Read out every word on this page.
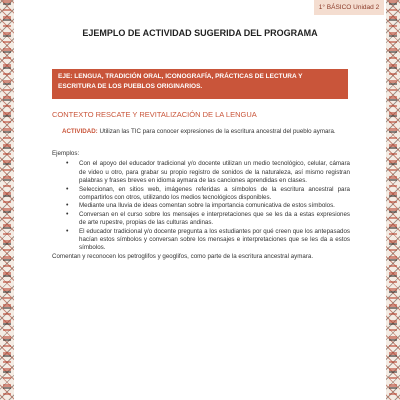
1° BÁSICO Unidad 2
EJEMPLO DE ACTIVIDAD SUGERIDA DEL PROGRAMA
EJE: LENGUA, TRADICIÓN ORAL, ICONOGRAFÍA, PRÁCTICAS DE LECTURA Y ESCRITURA DE LOS PUEBLOS ORIGINARIOS.
CONTEXTO RESCATE Y REVITALIZACIÓN DE LA LENGUA
ACTIVIDAD: Utilizan las TIC para conocer expresiones de la escritura ancestral del pueblo aymara.

Ejemplos:

• Con el apoyo del educador tradicional y/o docente utilizan un medio tecnológico, celular, cámara de video u otro, para grabar su propio registro de sonidos de la naturaleza, así mismo registran palabras y frases breves en idioma aymara de las canciones aprendidas en clases.
• Seleccionan, en sitios web, imágenes referidas a símbolos de la escritura ancestral para compartirlos con otros, utilizando los medios tecnológicos disponibles.
• Mediante una lluvia de ideas comentan sobre la importancia comunicativa de estos símbolos.
• Conversan en el curso sobre los mensajes e interpretaciones que se les da a estas expresiones de arte rupestre, propias de las culturas andinas.
• El educador tradicional y/o docente pregunta a los estudiantes por qué creen que los antepasados hacían estos símbolos y conversan sobre los mensajes e interpretaciones que se les da a estos símbolos.

Comentan y reconocen los petroglifos y geoglifos, como parte de la escritura ancestral aymara.
